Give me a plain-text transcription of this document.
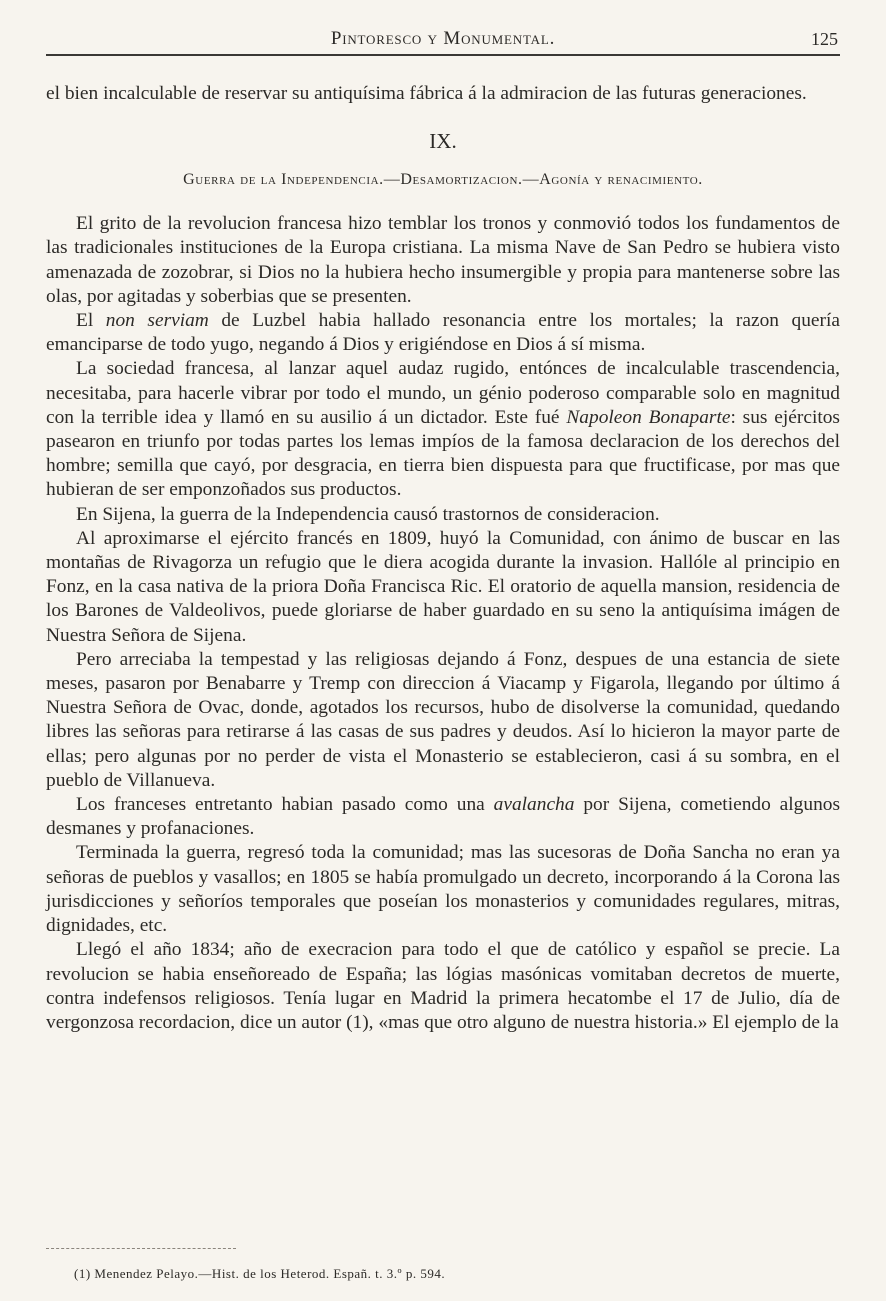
Pintoresco y Monumental.	125

el bien incalculable de reservar su antiquísima fábrica á la admiracion de las futuras generaciones.

IX.
Guerra de la Independencia.—Desamortizacion.—Agonía y renacimiento.

El grito de la revolucion francesa hizo temblar los tronos y conmovió todos los fundamentos de las tradicionales instituciones de la Europa cristiana. La misma Nave de San Pedro se hubiera visto amenazada de zozobrar, si Dios no la hubiera hecho insumergible y propia para mantenerse sobre las olas, por agitadas y soberbias que se presenten.

El non serviam de Luzbel habia hallado resonancia entre los mortales; la razon quería emanciparse de todo yugo, negando á Dios y erigiéndose en Dios á sí misma.

La sociedad francesa, al lanzar aquel audaz rugido, entónces de incalculable trascendencia, necesitaba, para hacerle vibrar por todo el mundo, un génio poderoso comparable solo en magnitud con la terrible idea y llamó en su ausilio á un dictador. Este fué Napoleon Bonaparte: sus ejércitos pasearon en triunfo por todas partes los lemas impíos de la famosa declaracion de los derechos del hombre; semilla que cayó, por desgracia, en tierra bien dispuesta para que fructificase, por mas que hubieran de ser emponzoñados sus productos.

En Sijena, la guerra de la Independencia causó trastornos de consideracion.

Al aproximarse el ejército francés en 1809, huyó la Comunidad, con ánimo de buscar en las montañas de Rivagorza un refugio que le diera acogida durante la invasion. Hallóle al principio en Fonz, en la casa nativa de la priora Doña Francisca Ric. El oratorio de aquella mansion, residencia de los Barones de Valdeolivos, puede gloriarse de haber guardado en su seno la antiquísima imágen de Nuestra Señora de Sijena.

Pero arreciaba la tempestad y las religiosas dejando á Fonz, despues de una estancia de siete meses, pasaron por Benabarre y Tremp con direccion á Viacamp y Figarola, llegando por último á Nuestra Señora de Ovac, donde, agotados los recursos, hubo de disolverse la comunidad, quedando libres las señoras para retirarse á las casas de sus padres y deudos. Así lo hicieron la mayor parte de ellas; pero algunas por no perder de vista el Monasterio se establecieron, casi á su sombra, en el pueblo de Villanueva.

Los franceses entretanto habian pasado como una avalancha por Sijena, cometiendo algunos desmanes y profanaciones.

Terminada la guerra, regresó toda la comunidad; mas las sucesoras de Doña Sancha no eran ya señoras de pueblos y vasallos; en 1805 se había promulgado un decreto, incorporando á la Corona las jurisdicciones y señoríos temporales que poseían los monasterios y comunidades regulares, mitras, dignidades, etc.

Llegó el año 1834; año de execracion para todo el que de católico y español se precie. La revolucion se habia enseñoreado de España; las lógias masónicas vomitaban decretos de muerte, contra indefensos religiosos. Tenía lugar en Madrid la primera hecatombe el 17 de Julio, día de vergonzosa recordacion, dice un autor (1), «mas que otro alguno de nuestra historia.» El ejemplo de la

(1) Menendez Pelayo.—Hist. de los Heterod. Españ. t. 3.º p. 594.
